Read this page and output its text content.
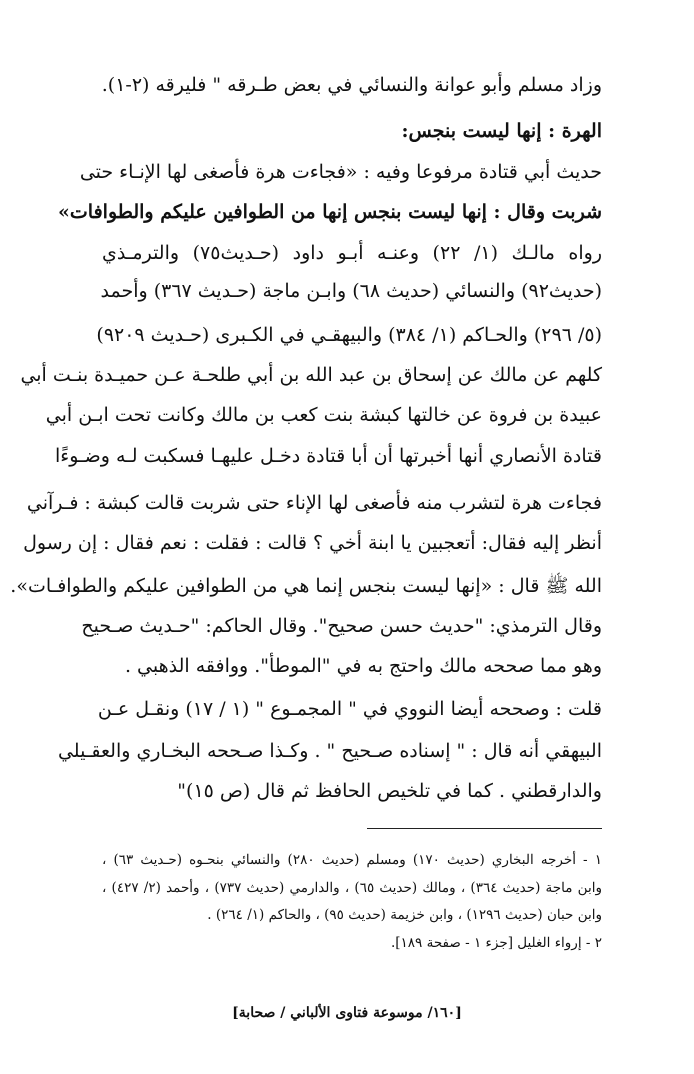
وزاد مسلم وأبو عوانة والنسائي في بعض طـرقه " فليرقه (٢-١).
الهرة : إنها ليست بنجس:
حديث أبي قتادة مرفوعا وفيه : «فجاءت هرة فأصغى لها الإنـاء حتى
شربت وقال : إنها ليست بنجس إنها من الطوافين عليكم والطوافات»
رواه مالـك (١/ ٢٢) وعنـه أبـو داود (حـديث٧٥) والترمـذي
(حديث٩٢) والنسائي (حديث ٦٨) وابـن ماجة (حـديث ٣٦٧) وأحمد
(٥/ ٢٩٦) والحـاكم (١/ ٣٨٤) والبيهقـي في الكـبرى (حـديث ٩٢٠٩)
كلهم عن مالك عن إسحاق بن عبد الله بن أبي طلحـة عـن حميـدة بنـت أبي
عبيدة بن فروة عن خالتها كبشة بنت كعب بن مالك وكانت تحت ابـن أبي
قتادة الأنصاري أنها أخبرتها أن أبا قتادة دخـل عليهـا فسكبت لـه وضـوءًا
فجاءت هرة لتشرب منه فأصغى لها الإناء حتى شربت قالت كبشة : فـرآني
أنظر إليه فقال: أتعجبين يا ابنة أخي ؟ قالت : فقلت : نعم فقال : إن رسول
الله ﷺ قال : «إنها ليست بنجس إنما هي من الطوافين عليكم والطوافـات».
وقال الترمذي: "حديث حسن صحيح". وقال الحاكم: "حـديث صـحيح
وهو مما صححه مالك واحتج به في "الموطأ". ووافقه الذهبي .
قلت : وصححه أيضا النووي في " المجمـوع " (١ / ١٧) ونقـل عـن
البيهقي أنه قال : " إسناده صـحيح " . وكـذا صـححه البخـاري والعقـيلي
والدارقطني . كما في تلخيص الحافظ ثم قال (ص ١٥)"
١ - أخرجه البخاري (حديث ١٧٠) ومسلم (حديث ٢٨٠) والنسائي بنحـوه (حـديث ٦٣) ،
وابن ماجة (حديث ٣٦٤) ، ومالك (حديث ٦٥) ، والدارمي (حديث ٧٣٧) ، وأحمد (٢/ ٤٢٧) ،
وابن حبان (حديث ١٢٩٦) ، وابن خزيمة (حديث ٩٥) ، والحاكم (١/ ٢٦٤) .
٢ - إرواء الغليل [جزء ١ - صفحة ١٨٩].
[١٦٠/ موسوعة فتاوى الألباني / صحابة]
